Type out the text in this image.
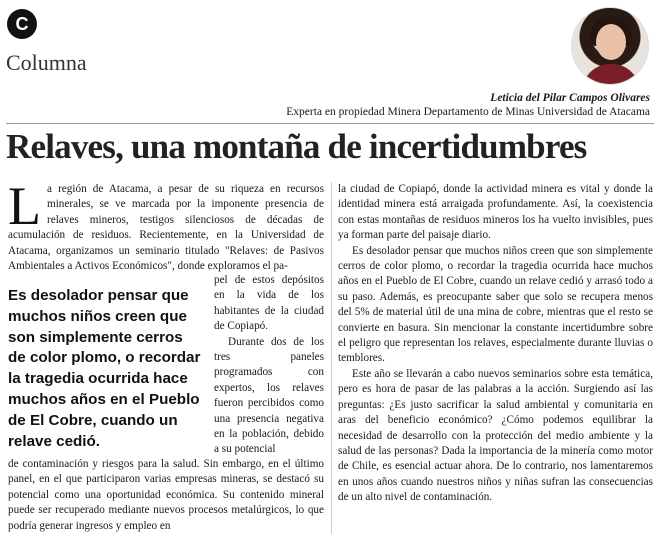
C
Columna
Leticia del Pilar Campos Olivares
Experta en propiedad Minera Departamento de Minas Universidad de Atacama
Relaves, una montaña de incertidumbres
La región de Atacama, a pesar de su riqueza en recursos minerales, se ve marcada por la imponente presencia de relaves mineros, testigos silenciosos de décadas de acumulación de residuos. Recientemente, en la Universidad de Atacama, organizamos un seminario titulado "Relaves: de Pasivos Ambientales a Activos Económicos", donde exploramos el pa-
Es desolador pensar que muchos niños creen que son simplemente cerros de color plomo, o recordar la tragedia ocurrida hace muchos años en el Pueblo de El Cobre, cuando un relave cedió.

pel de estos depósitos en la vida de los habitantes de la ciudad de Copiapó.

Durante dos de los tres paneles programados con expertos, los relaves fueron percibidos como una presencia negativa en la población, debido a su potencial

de contaminación y riesgos para la salud. Sin embargo, en el último panel, en el que participaron varias empresas mineras, se destacó su potencial como una oportunidad económica. Su contenido mineral puede ser recuperado mediante nuevos procesos metalúrgicos, lo que podría generar ingresos y empleo en

la ciudad de Copiapó, donde la actividad minera es vital y donde la identidad minera está arraigada profundamente. Así, la coexistencia con estas montañas de residuos mineros los ha vuelto invisibles, pues ya forman parte del paisaje diario.

Es desolador pensar que muchos niños creen que son simplemente cerros de color plomo, o recordar la tragedia ocurrida hace muchos años en el Pueblo de El Cobre, cuando un relave cedió y arrasó todo a su paso. Además, es preocupante saber que solo se recupera menos del 5% de material útil de una mina de cobre, mientras que el resto se convierte en basura. Sin mencionar la constante incertidumbre sobre el peligro que representan los relaves, especialmente durante lluvias o temblores.

Este año se llevarán a cabo nuevos seminarios sobre esta temática, pero es hora de pasar de las palabras a la acción. Surgiendo así las preguntas: ¿Es justo sacrificar la salud ambiental y comunitaria en aras del beneficio económico? ¿Cómo podemos equilibrar la necesidad de desarrollo con la protección del medio ambiente y la salud de las personas? Dada la importancia de la minería como motor de Chile, es esencial actuar ahora. De lo contrario, nos lamentaremos en unos años cuando nuestros niños y niñas sufran las consecuencias de un alto nivel de contaminación.
